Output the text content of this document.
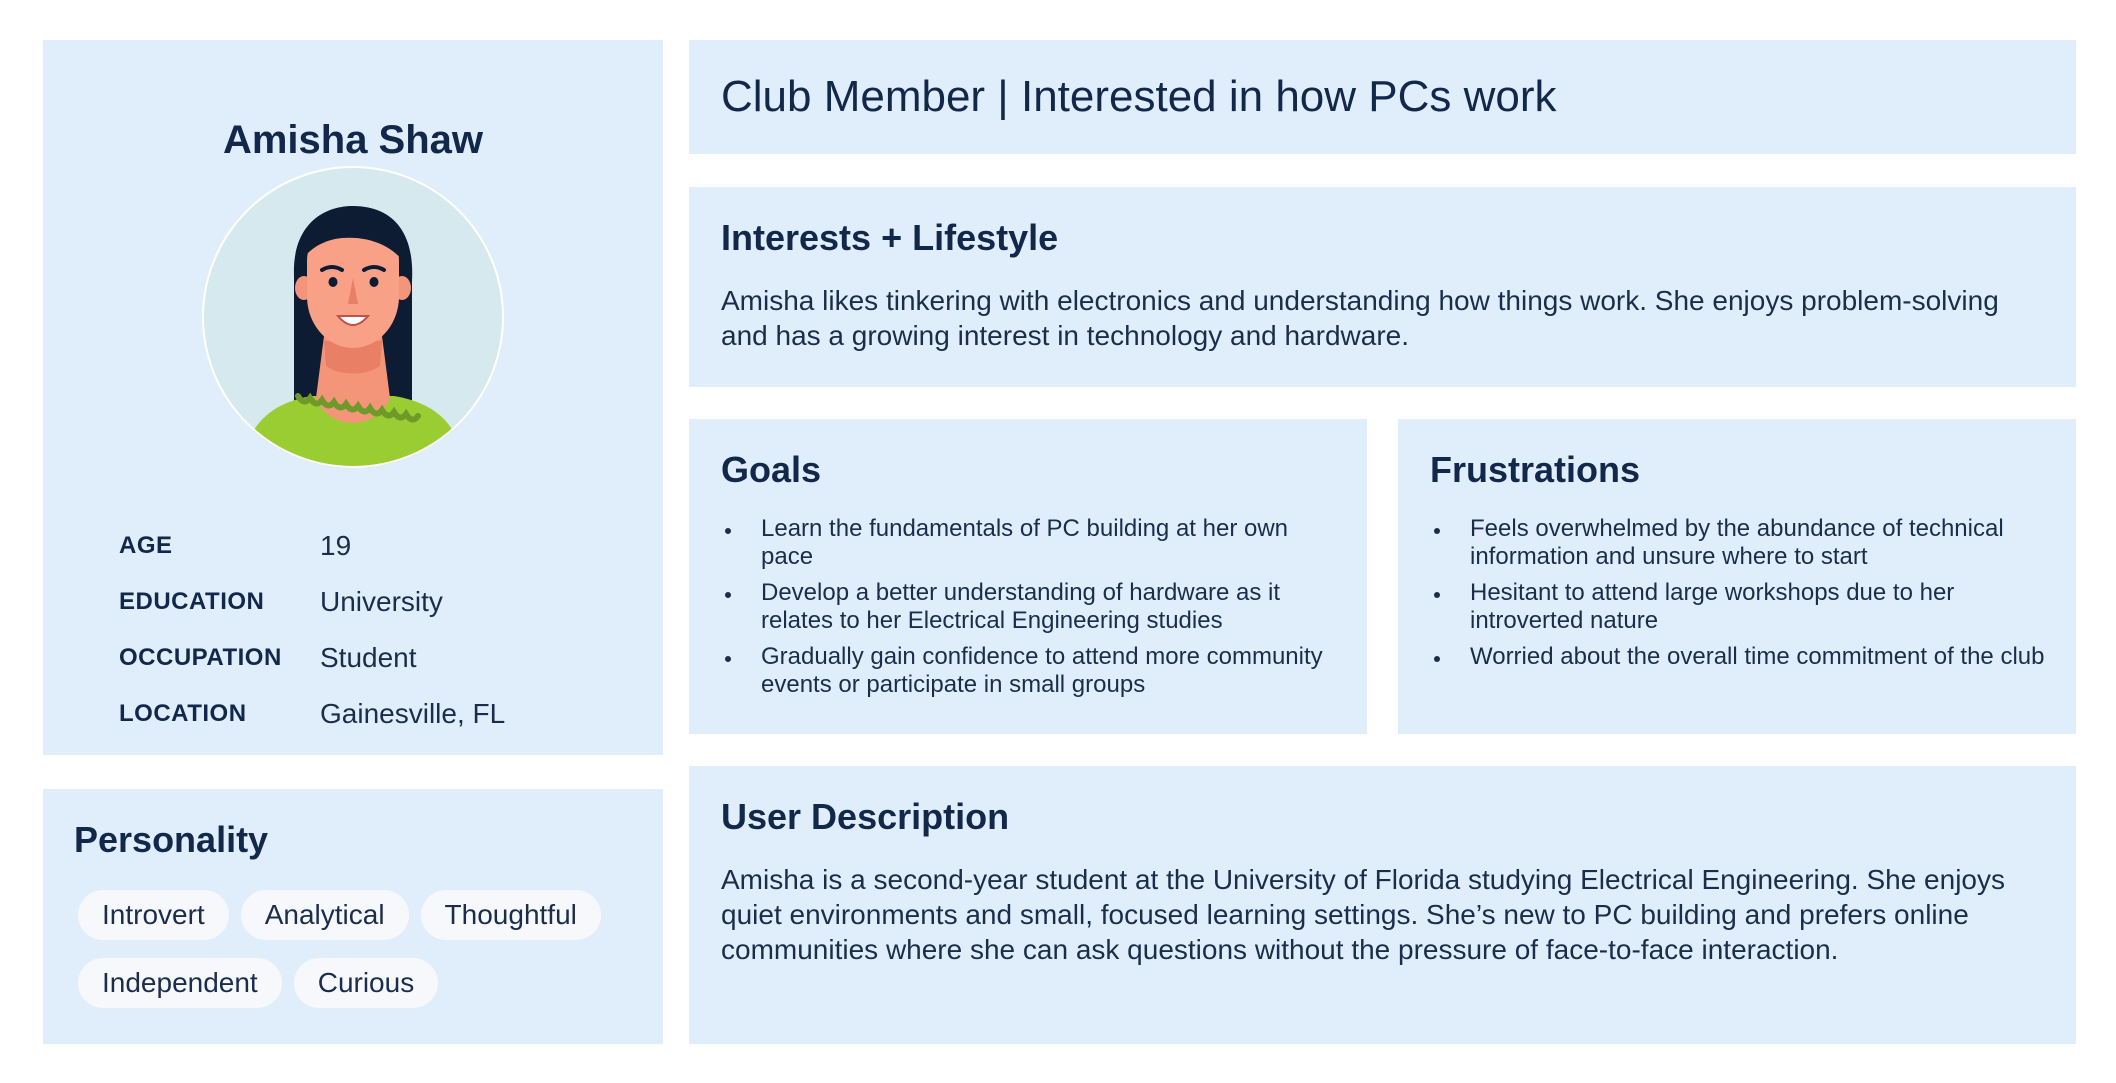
Amisha Shaw
AGE	19
EDUCATION	University
OCCUPATION	Student
LOCATION	Gainesville, FL
Personality
Introvert	Analytical	Thoughtful
Independent	Curious
Club Member | Interested in how PCs work
Interests + Lifestyle
Amisha likes tinkering with electronics and understanding how things work. She enjoys problem-solving and has a growing interest in technology and hardware.
Goals
Learn the fundamentals of PC building at her own pace
Develop a better understanding of hardware as it relates to her Electrical Engineering studies
Gradually gain confidence to attend more community events or participate in small groups
Frustrations
Feels overwhelmed by the abundance of technical information and unsure where to start
Hesitant to attend large workshops due to her introverted nature
Worried about the overall time commitment of the club
User Description
Amisha is a second-year student at the University of Florida studying Electrical Engineering. She enjoys quiet environments and small, focused learning settings. She’s new to PC building and prefers online communities where she can ask questions without the pressure of face-to-face interaction.
